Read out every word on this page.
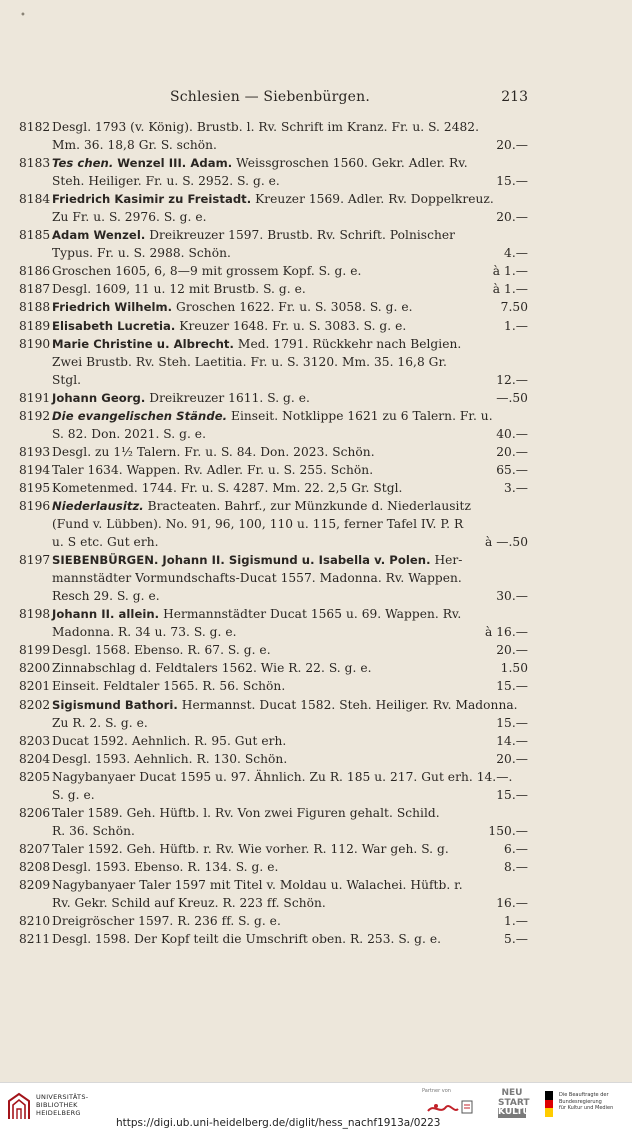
•
Schlesien — Siebenbürgen.	213
8182 Desgl. 1793 (v. König). Brustb. l. Rv. Schrift im Kranz. Fr. u. S. 2482.
Mm. 36. 18,8 Gr. S. schön.	20.—
8183 Tes chen. Wenzel III. Adam. Weissgroschen 1560. Gekr. Adler. Rv.
Steh. Heiliger. Fr. u. S. 2952. S. g. e.	15.—
8184 Friedrich Kasimir zu Freistadt. Kreuzer 1569. Adler. Rv. Doppelkreuz.
Zu Fr. u. S. 2976. S. g. e.	20.—
8185 Adam Wenzel. Dreikreuzer 1597. Brustb. Rv. Schrift. Polnischer
Typus. Fr. u. S. 2988. Schön.	4.—
8186 Groschen 1605, 6, 8—9 mit grossem Kopf. S. g. e.	à 1.—
8187 Desgl. 1609, 11 u. 12 mit Brustb. S. g. e.	à 1.—
8188 Friedrich Wilhelm. Groschen 1622. Fr. u. S. 3058. S. g. e.	7.50
8189 Elisabeth Lucretia. Kreuzer 1648. Fr. u. S. 3083. S. g. e.	1.—
8190 Marie Christine u. Albrecht. Med. 1791. Rückkehr nach Belgien.
Zwei Brustb. Rv. Steh. Laetitia. Fr. u. S. 3120. Mm. 35. 16,8 Gr.
Stgl.	12.—
8191 Johann Georg. Dreikreuzer 1611. S. g. e.	—.50
8192 Die evangelischen Stände. Einseit. Notklippe 1621 zu 6 Talern. Fr. u.
S. 82. Don. 2021. S. g. e.	40.—
8193 Desgl. zu 1½ Talern. Fr. u. S. 84. Don. 2023. Schön.	20.—
8194 Taler 1634. Wappen. Rv. Adler. Fr. u. S. 255. Schön.	65.—
8195 Kometenmed. 1744. Fr. u. S. 4287. Mm. 22. 2,5 Gr. Stgl.	3.—
8196 Niederlausitz. Bracteaten. Bahrf., zur Münzkunde d. Niederlausitz
(Fund v. Lübben). No. 91, 96, 100, 110 u. 115, ferner Tafel IV. P. R
u. S etc. Gut erh.	à —.50
8197 SIEBENBÜRGEN. Johann II. Sigismund u. Isabella v. Polen. Her-
mannstädter Vormundschafts-Ducat 1557. Madonna. Rv. Wappen.
Resch 29. S. g. e.	30.—
8198 Johann II. allein. Hermannstädter Ducat 1565 u. 69. Wappen. Rv.
Madonna. R. 34 u. 73. S. g. e.	à 16.—
8199 Desgl. 1568. Ebenso. R. 67. S. g. e.	20.—
8200 Zinnabschlag d. Feldtalers 1562. Wie R. 22. S. g. e.	1.50
8201 Einseit. Feldtaler 1565. R. 56. Schön.	15.—
8202 Sigismund Bathori. Hermannst. Ducat 1582. Steh. Heiliger. Rv. Madonna.
Zu R. 2. S. g. e.	15.—
8203 Ducat 1592. Aehnlich. R. 95. Gut erh.	14.—
8204 Desgl. 1593. Aehnlich. R. 130. Schön.	20.—
8205 Nagybanyaer Ducat 1595 u. 97. Ähnlich. Zu R. 185 u. 217. Gut erh. 14.—.
S. g. e.	15.—
8206 Taler 1589. Geh. Hüftb. l. Rv. Von zwei Figuren gehalt. Schild.
R. 36. Schön.	150.—
8207 Taler 1592. Geh. Hüftb. r. Rv. Wie vorher. R. 112. War geh. S. g.	6.—
8208 Desgl. 1593. Ebenso. R. 134. S. g. e.	8.—
8209 Nagybanyaer Taler 1597 mit Titel v. Moldau u. Walachei. Hüftb. r.
Rv. Gekr. Schild auf Kreuz. R. 223 ff. Schön.	16.—
8210 Dreigröscher 1597. R. 236 ff. S. g. e.	1.—
8211 Desgl. 1598. Der Kopf teilt die Umschrift oben. R. 253. S. g. e.	5.—
UNIVERSITÄTS-
BIBLIOTHEK
HEIDELBERG
https://digi.ub.uni-heidelberg.de/diglit/hess_nachf1913a/0223
Partner von	NEU
START
KULTUR
Die Beauftragte der Bundesregierung
für Kultur und Medien
